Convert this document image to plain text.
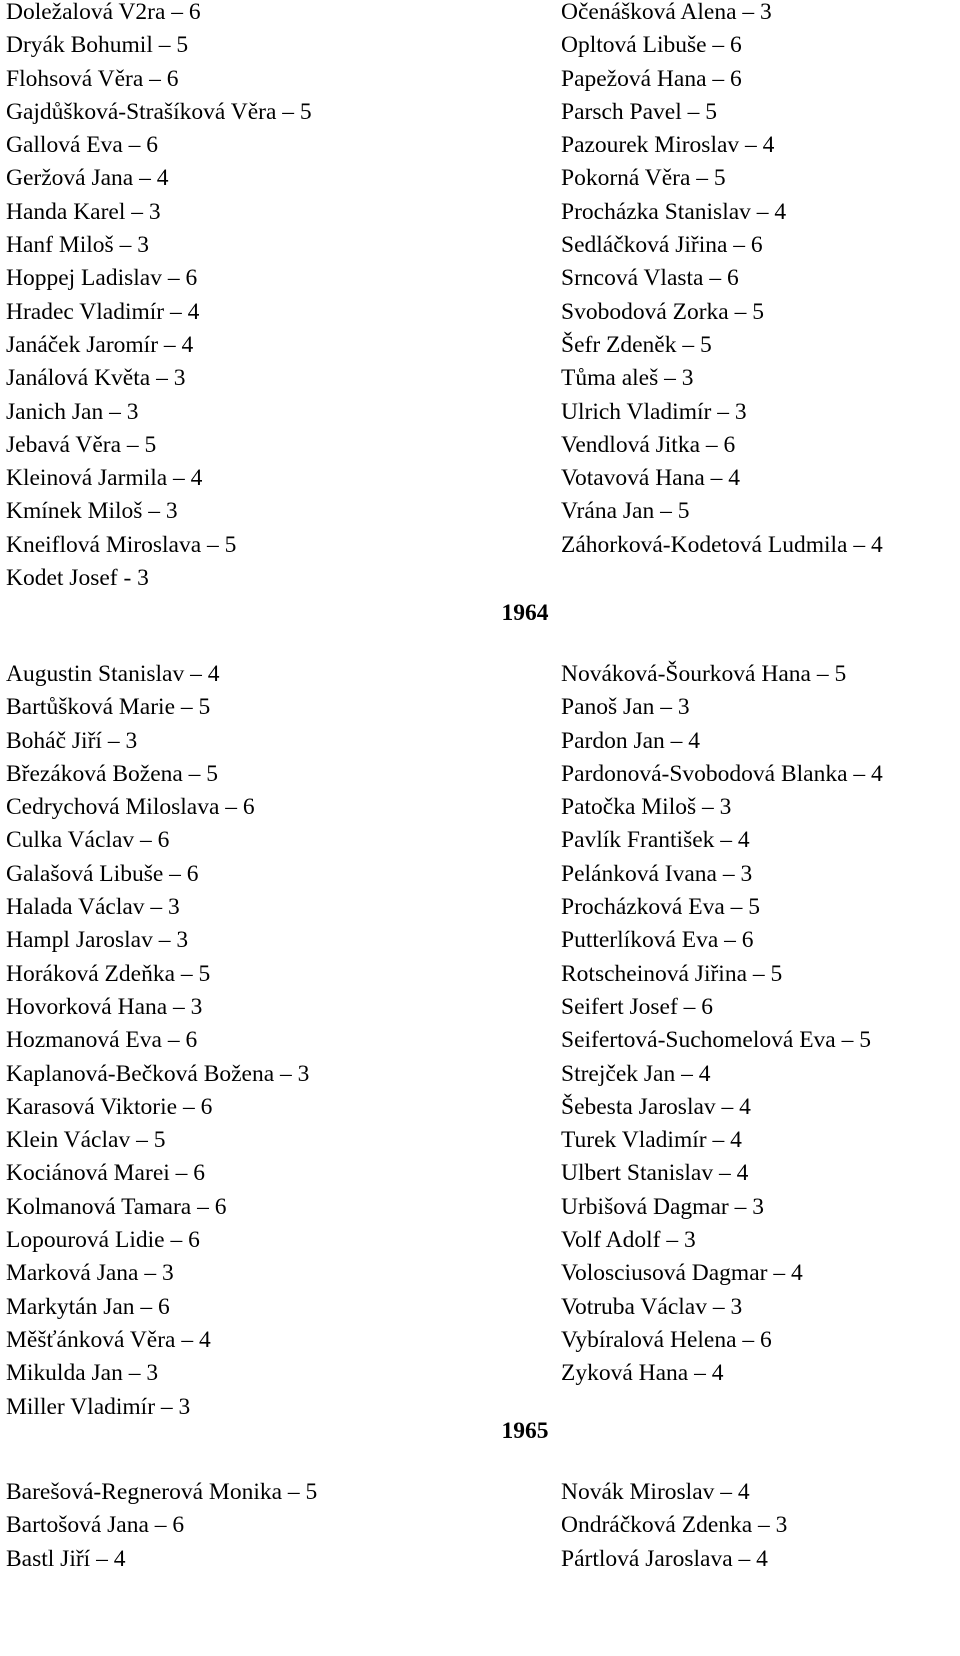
Doležalová V2ra – 6
Dryák Bohumil – 5
Flohsová Věra – 6
Gajdůšková-Strašíková Věra – 5
Gallová Eva – 6
Geržová Jana – 4
Handa Karel – 3
Hanf Miloš – 3
Hoppej Ladislav – 6
Hradec Vladimír – 4
Janáček Jaromír – 4
Janálová Květa – 3
Janich Jan – 3
Jebavá Věra – 5
Kleinová Jarmila – 4
Kmínek Miloš – 3
Kneiflová Miroslava – 5
Kodet Josef - 3
Očenášková Alena – 3
Opltová Libuše – 6
Papežová Hana – 6
Parsch Pavel – 5
Pazourek Miroslav – 4
Pokorná Věra – 5
Procházka Stanislav – 4
Sedláčková Jiřina – 6
Srncová Vlasta – 6
Svobodová Zorka – 5
Šefr Zdeněk – 5
Tůma aleš – 3
Ulrich Vladimír – 3
Vendlová Jitka – 6
Votavová Hana – 4
Vrána Jan – 5
Záhorková-Kodetová Ludmila – 4
1964
Augustin Stanislav – 4
Bartůšková Marie – 5
Boháč Jiří – 3
Březáková Božena – 5
Cedrychová Miloslava – 6
Culka Václav – 6
Galašová Libuše – 6
Halada Václav – 3
Hampl Jaroslav – 3
Horáková Zdeňka – 5
Hovorková Hana – 3
Hozmanová Eva – 6
Kaplanová-Bečková Božena – 3
Karasová Viktorie – 6
Klein Václav – 5
Kociánová Marei – 6
Kolmanová Tamara – 6
Lopourová Lidie – 6
Marková Jana – 3
Markytán Jan – 6
Měšťánková Věra – 4
Mikulda Jan – 3
Miller Vladimír – 3
Nováková-Šourková Hana – 5
Panoš Jan – 3
Pardon Jan – 4
Pardonová-Svobodová Blanka – 4
Patočka Miloš – 3
Pavlík František – 4
Pelánková Ivana – 3
Procházková Eva – 5
Putterlíková Eva – 6
Rotscheinová Jiřina – 5
Seifert Josef – 6
Seifertová-Suchomelová Eva – 5
Strejček Jan – 4
Šebesta Jaroslav – 4
Turek Vladimír – 4
Ulbert Stanislav – 4
Urbišová Dagmar – 3
Volf Adolf – 3
Volosciusová Dagmar – 4
Votruba Václav – 3
Vybíralová Helena – 6
Zyková Hana – 4
1965
Barešová-Regnerová Monika – 5
Bartošová Jana – 6
Bastl Jiří – 4
Novák Miroslav – 4
Ondráčková Zdenka – 3
Pártlová Jaroslava – 4
